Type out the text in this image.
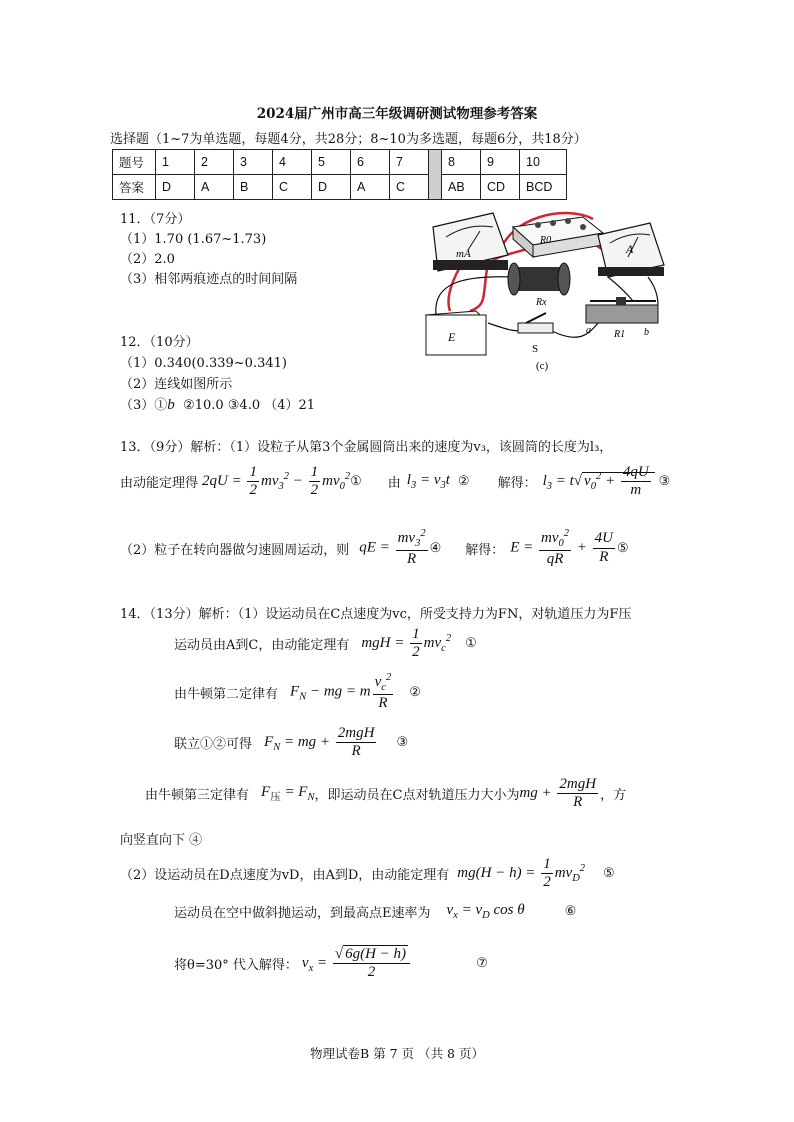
2024届广州市高三年级调研测试物理参考答案
选择题（1~7为单选题，每题4分，共28分；8~10为多选题，每题6分，共18分）
题号	1	2	3	4	5	6	7		8	9	10
答案	D	A	B	C	D	A	C		AB	CD	BCD
11．（7分）
（1）1.70 (1.67~1.73)
（2）2.0
（3）相邻两痕迹点的时间间隔
mA
R0
A
Rx
E
S
a R1 b
(c)
12．（10分）
（1）0.340(0.339~0.341)
（2）连线如图所示
（3）①b ②10.0 ③4.0 （4）21
13．（9分）解析：（1）设粒子从第3个金属圆筒出来的速度为v₃，该圆筒的长度为l₃，
由动能定理得 $2qU = \frac{1}{2} mv_3^2 - \frac{1}{2} mv_0^2$ ① 由 $l_3 = v_3t$ ② 解得： $l_3 = t√$ $v_0^2 + \frac{4qU}{m}$ ③
（2）粒子在转向器做匀速圆周运动，则 qE = $\frac{mv_3^2}{R}$ ④ 解得： $E = \frac{mv_0^2}{qR} + \frac{4U}{R}$ ⑤
14．（13分）解析：（1）设运动员在C点速度为vc，所受支持力为FN，对轨道压力为F压
运动员由A到C，由动能定理有 mgH = $\frac{1}{2} mv_c^2$ ①
由牛顿第二定律有 $F_N$ − mg = m $\frac{v_c^2}{R}$ ②
联立①②可得 $F_N$ = mg + $\frac{\text{2mgH}}{R}$ ③
由牛顿第三定律有 $F_压 = F_N$ ，即运动员在C点对轨道压力大小为 mg + $\frac{\text{2mgH}}{R}$ ，方
向竖直向下 ④
（2）设运动员在D点速度为vD，由A到D，由动能定理有 $mg(H - h) = \frac{1}{2} mv_D^2$ ⑤
运动员在空中做斜抛运动，到最高点E速率为 $v_x = v_D$ cos θ	⑥
将θ=30° 代入解得： $v_x = \frac{√ 6g(H - h)}{2}$	⑦
物理试卷B 第 7 页 （共 8 页）
